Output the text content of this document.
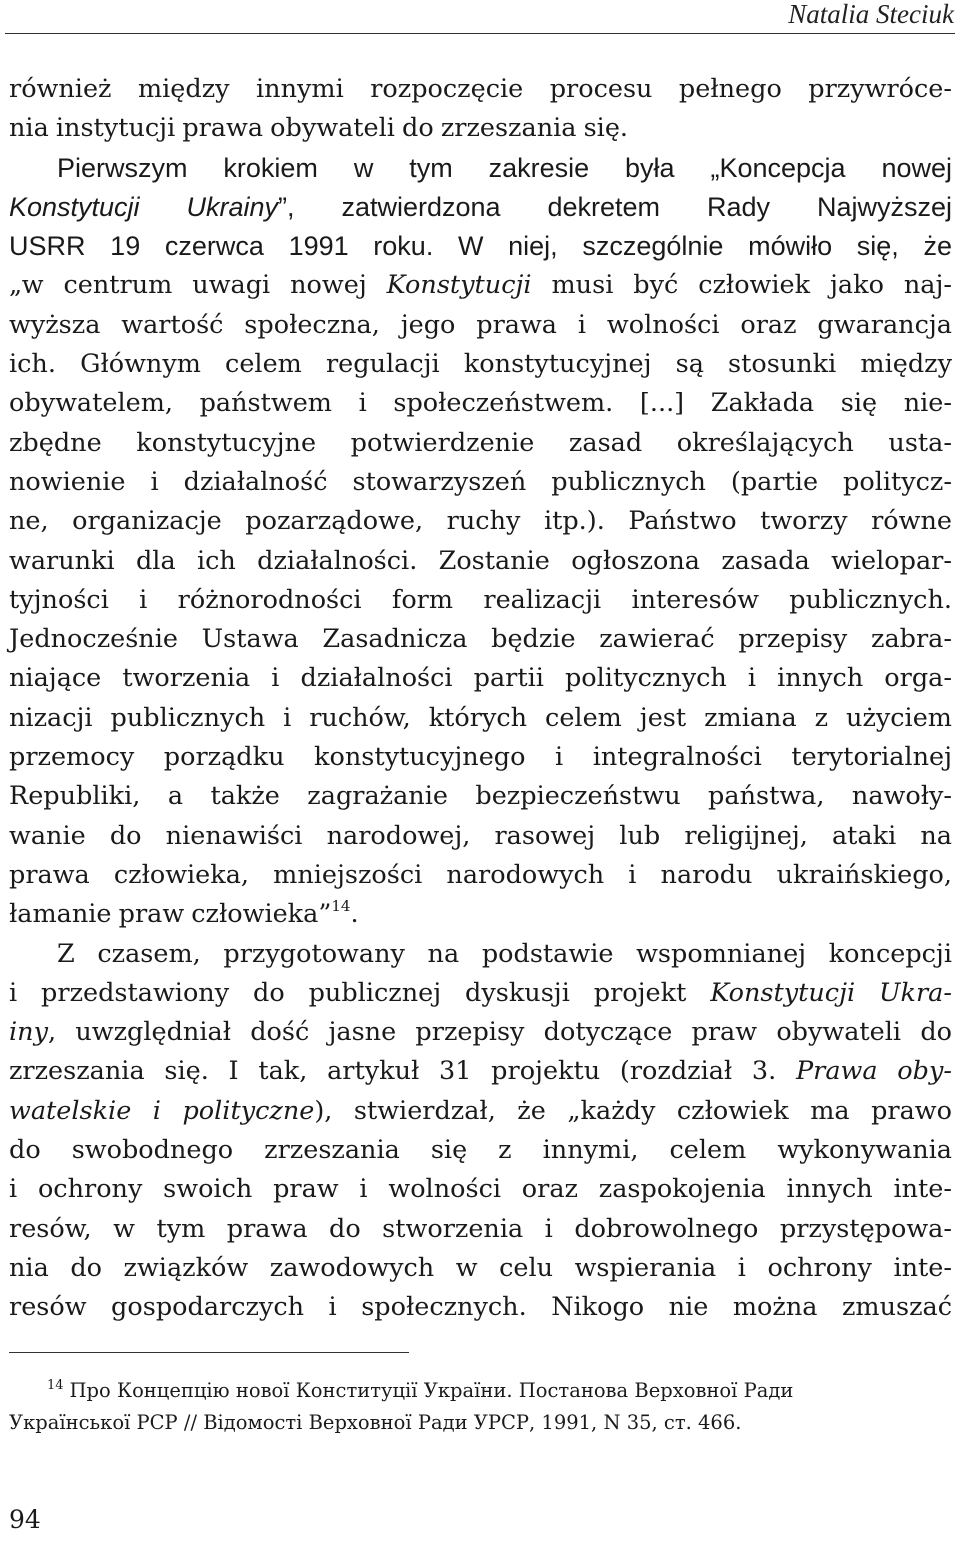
Natalia Steciuk
również między innymi rozpoczęcie procesu pełnego przywróce-
nia instytucji prawa obywateli do zrzeszania się.
Pierwszym krokiem w tym zakresie była „Koncepcja nowej
Konstytucji Ukrainy”, zatwierdzona dekretem Rady Najwyższej
USRR 19 czerwca 1991 roku. W niej, szczególnie mówiło się, że
„w centrum uwagi nowej Konstytucji musi być człowiek jako naj-
wyższa wartość społeczna, jego prawa i wolności oraz gwarancja
ich. Głównym celem regulacji konstytucyjnej są stosunki między
obywatelem, państwem i społeczeństwem. [...] Zakłada się nie-
zbędne konstytucyjne potwierdzenie zasad określających usta-
nowienie i działalność stowarzyszeń publicznych (partie politycz-
ne, organizacje pozarządowe, ruchy itp.). Państwo tworzy równe
warunki dla ich działalności. Zostanie ogłoszona zasada wielopar-
tyjności i różnorodności form realizacji interesów publicznych.
Jednocześnie Ustawa Zasadnicza będzie zawierać przepisy zabra-
niające tworzenia i działalności partii politycznych i innych orga-
nizacji publicznych i ruchów, których celem jest zmiana z użyciem
przemocy porządku konstytucyjnego i integralności terytorialnej
Republiki, a także zagrażanie bezpieczeństwu państwa, nawoły-
wanie do nienawiści narodowej, rasowej lub religijnej, ataki na
prawa człowieka, mniejszości narodowych i narodu ukraińskiego,
łamanie praw człowieka”$^{14}$.
Z czasem, przygotowany na podstawie wspomnianej koncepcji
i przedstawiony do publicznej dyskusji projekt Konstytucji Ukra-
iny, uwzględniał dość jasne przepisy dotyczące praw obywateli do
zrzeszania się. I tak, artykuł 31 projektu (rozdział 3. Prawa oby-
watelskie i polityczne), stwierdzał, że „każdy człowiek ma prawo
do swobodnego zrzeszania się z innymi, celem wykonywania
i ochrony swoich praw i wolności oraz zaspokojenia innych inte-
resów, w tym prawa do stworzenia i dobrowolnego przystępowa-
nia do związków zawodowych w celu wspierania i ochrony inte-
resów gospodarczych i społecznych. Nikogo nie można zmuszać
$^{14}$ Про Концепцію нової Конституції України. Постанова Верховної Ради
Української РСР // Відомості Верховної Ради УРСР, 1991, N 35, ст. 466.
94
